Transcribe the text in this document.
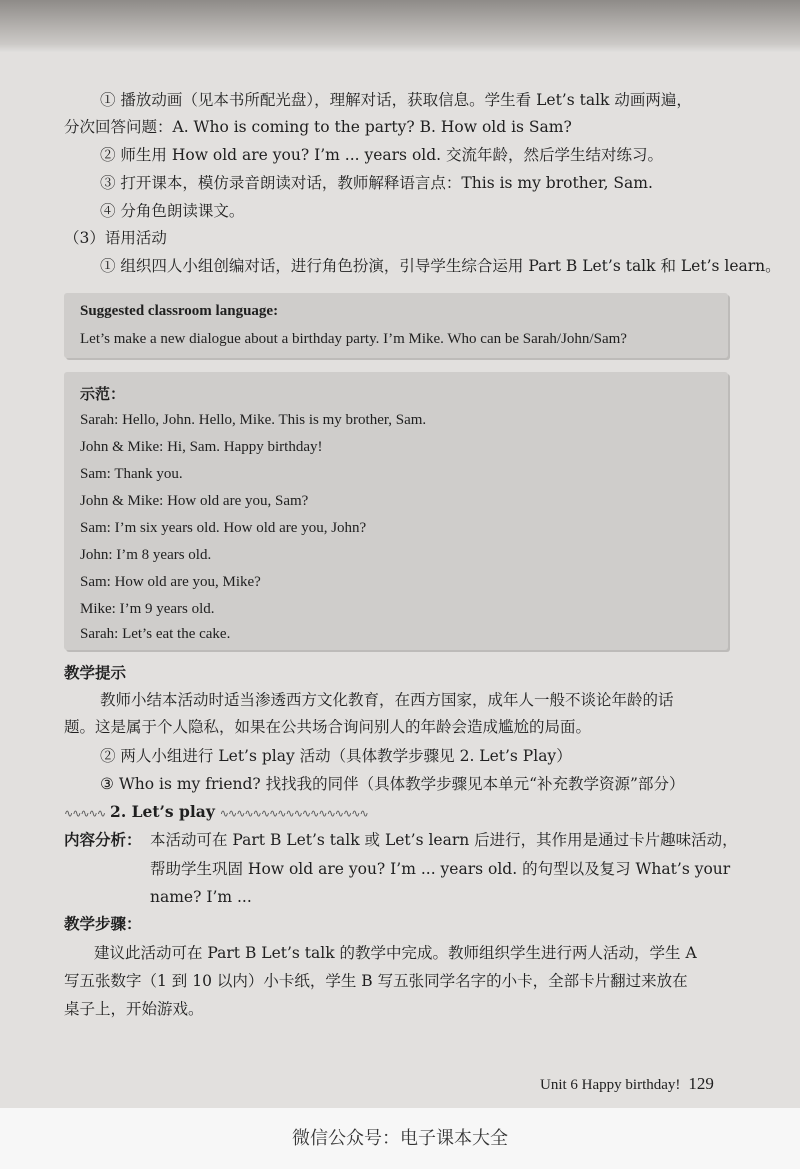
① 播放动画（见本书所配光盘），理解对话，获取信息。学生看 Let’s talk 动画两遍，
分次回答问题：A. Who is coming to the party? B. How old is Sam?
② 师生用 How old are you? I’m ... years old. 交流年龄，然后学生结对练习。
③ 打开课本，模仿录音朗读对话，教师解释语言点：This is my brother, Sam.
④ 分角色朗读课文。
（3）语用活动
① 组织四人小组创编对话，进行角色扮演，引导学生综合运用 Part B Let’s talk 和 Let’s learn。
Suggested classroom language:
Let’s make a new dialogue about a birthday party. I’m Mike. Who can be Sarah/John/Sam?
示范：
Sarah: Hello, John. Hello, Mike. This is my brother, Sam.
John & Mike: Hi, Sam. Happy birthday!
Sam: Thank you.
John & Mike: How old are you, Sam?
Sam: I’m six years old. How old are you, John?
John: I’m 8 years old.
Sam: How old are you, Mike?
Mike: I’m 9 years old.
Sarah: Let’s eat the cake.
教学提示
教师小结本活动时适当渗透西方文化教育，在西方国家，成年人一般不谈论年龄的话
题。这是属于个人隐私，如果在公共场合询问别人的年龄会造成尴尬的局面。
② 两人小组进行 Let’s play 活动（具体教学步骤见 2. Let’s Play）
③ Who is my friend? 找找我的同伴（具体教学步骤见本单元“补充教学资源”部分）
∿∿∿∿∿ 2. Let’s play ∿∿∿∿∿∿∿∿∿∿∿∿∿∿∿∿∿∿
内容分析： 本活动可在 Part B Let’s talk 或 Let’s learn 后进行，其作用是通过卡片趣味活动，
帮助学生巩固 How old are you? I’m ... years old. 的句型以及复习 What’s your
name? I’m ...
教学步骤：
建议此活动可在 Part B Let’s talk 的教学中完成。教师组织学生进行两人活动，学生 A
写五张数字（1 到 10 以内）小卡纸，学生 B 写五张同学名字的小卡，全部卡片翻过来放在
桌子上，开始游戏。
Unit 6 Happy birthday! 129
微信公众号：电子课本大全
